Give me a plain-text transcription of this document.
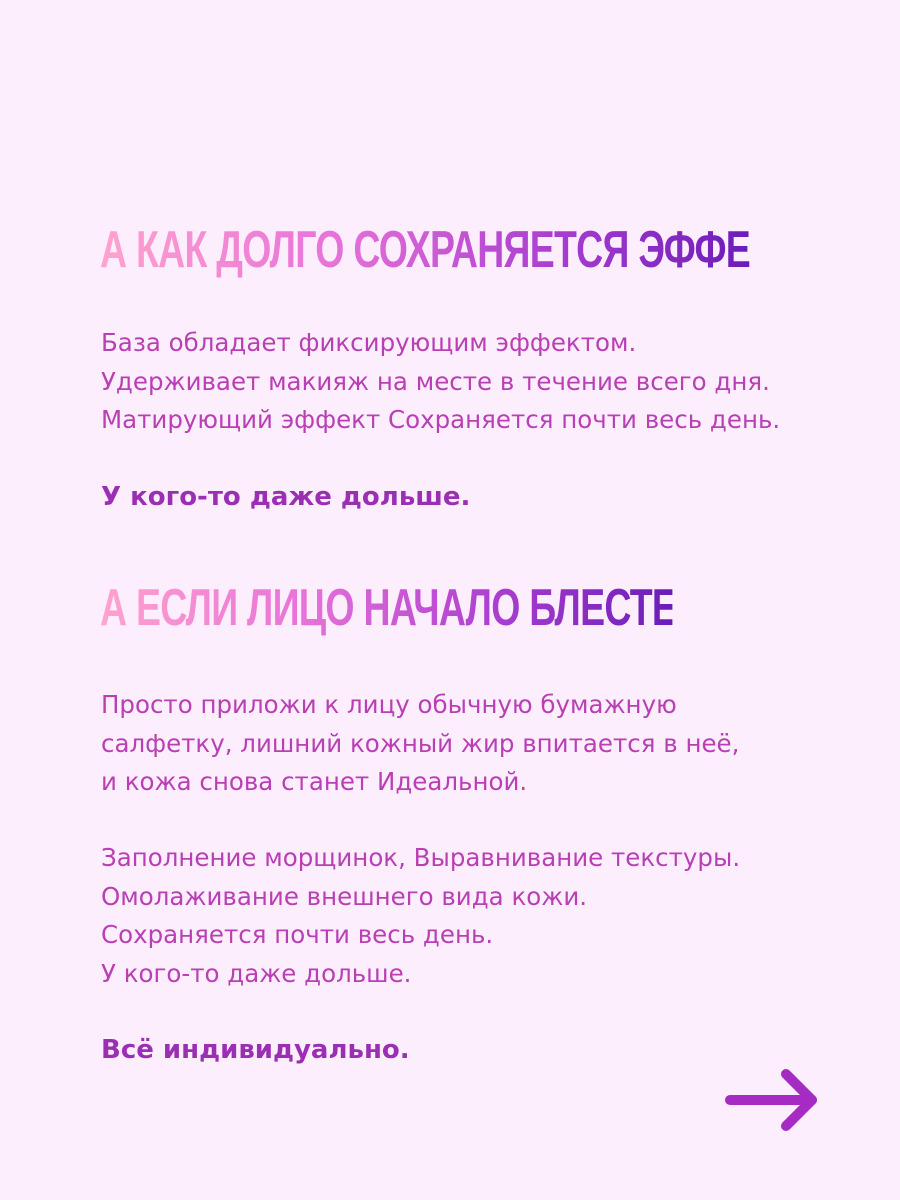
А КАК ДОЛГО СОХРАНЯЕТСЯ ЭФФЕКТ?
База обладает фиксирующим эффектом.
Удерживает макияж на месте в течение всего дня.
Матирующий эффект Сохраняется почти весь день.
У кого-то даже дольше.
А ЕСЛИ ЛИЦО НАЧАЛО БЛЕСТЕТЬ?
Просто приложи к лицу обычную бумажную
салфетку, лишний кожный жир впитается в неё,
и кожа снова станет Идеальной.
Заполнение морщинок, Выравнивание текстуры.
Омолаживание внешнего вида кожи.
Сохраняется почти весь день.
У кого-то даже дольше.
Всё индивидуально.
